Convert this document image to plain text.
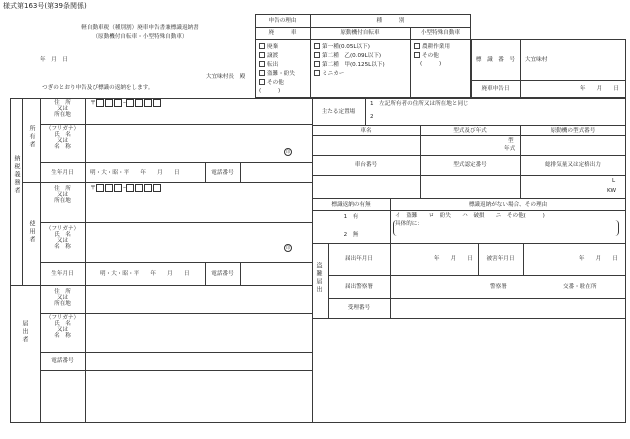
様式第163号(第39条関係)
軽自動車税（種別割）廃車申告書兼標識返納書
（原動機付自転車・小型特殊自動車）
年　月　日
大宜味村長　殿
つぎのとおり申告及び標識の返納をします。
申告の理由	種　　　別
廃　　　車	原動機付自転車	小型特殊自動車
廃棄
譲渡
転出
盗難・紛失
その他
(　　　)
第一種(0.05L以下)
第二種　乙(0.09L以下)
第二種　甲(0.125L以下)
ミニカー
農耕作業用
その他
(　　　)
標　識　番　号	大宜味村
廃車申告日	年　　月　　日
納税義務者
所有者
住　所
又は
所在地
〒	–
（フリガナ）
氏　名
又は
名　称
印
生年月日	明・大・昭・平　　年　　月　　日	電話番号
使用者
住　所
又は
所在地
〒	–
（フリガナ）
氏　名
又は
名　称	印
生年月日	明・大・昭・平　　年　　月　　日	電話番号
届出者
住　所
又は
所在地
（フリガナ）
氏　名
又は
名　称
電話番号
主たる定置場
1　左記所有者の住所又は所在地と同じ
2
車名	型式及び年式	原動機の型式番号
型
年式
車台番号	型式認定番号	総排気量又は定格出力
L
KW
標識返納の有無	標識返納がない場合、その理由
1　有
2　無
イ　盗難　　ロ　紛失　　ハ　破損　　ニ　その他(　　　)
具体的に：
盗難届出
届出年月日	年　　月　　日	被害年月日	年　　月　　日
届出警察署	警察署	交番・駐在所
受理番号
